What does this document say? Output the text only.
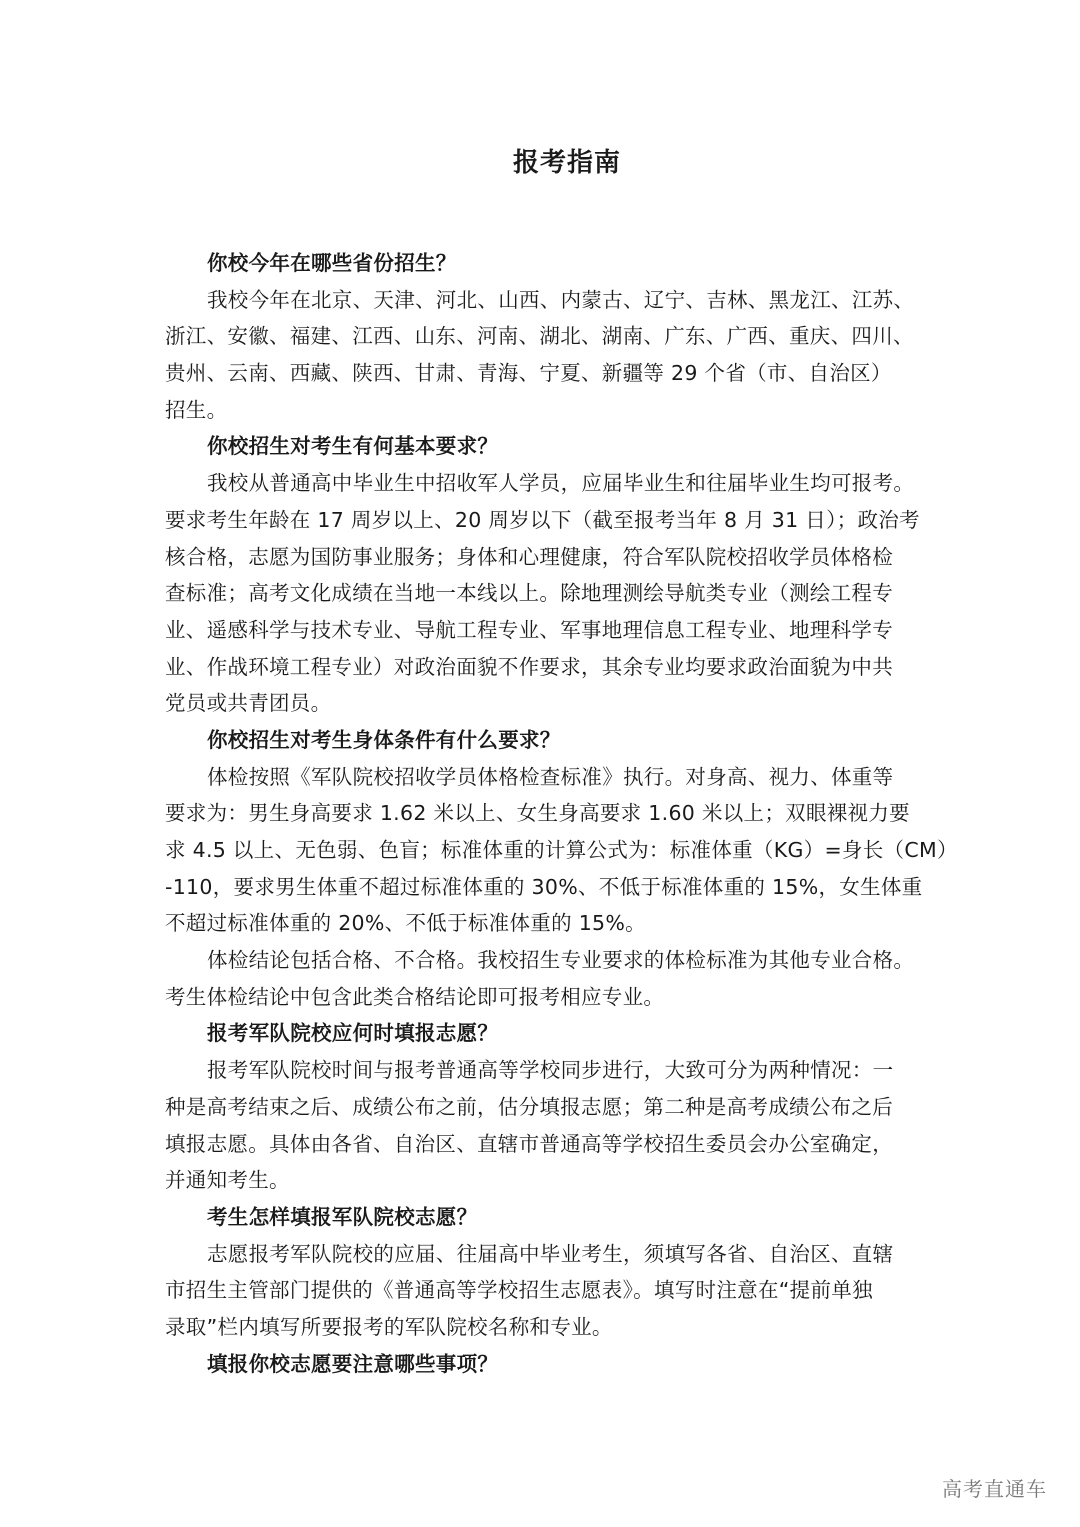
报考指南
你校今年在哪些省份招生？
我校今年在北京、天津、河北、山西、内蒙古、辽宁、吉林、黑龙江、江苏、
浙江、安徽、福建、江西、山东、河南、湖北、湖南、广东、广西、重庆、四川、
贵州、云南、西藏、陕西、甘肃、青海、宁夏、新疆等 29 个省（市、自治区）
招生。
你校招生对考生有何基本要求？
我校从普通高中毕业生中招收军人学员，应届毕业生和往届毕业生均可报考。
要求考生年龄在 17 周岁以上、20 周岁以下（截至报考当年 8 月 31 日）；政治考
核合格，志愿为国防事业服务；身体和心理健康，符合军队院校招收学员体格检
查标准；高考文化成绩在当地一本线以上。除地理测绘导航类专业（测绘工程专
业、遥感科学与技术专业、导航工程专业、军事地理信息工程专业、地理科学专
业、作战环境工程专业）对政治面貌不作要求，其余专业均要求政治面貌为中共
党员或共青团员。
你校招生对考生身体条件有什么要求？
体检按照《军队院校招收学员体格检查标准》执行。对身高、视力、体重等
要求为：男生身高要求 1.62 米以上、女生身高要求 1.60 米以上；双眼裸视力要
求 4.5 以上、无色弱、色盲；标准体重的计算公式为：标准体重（KG）=身长（CM）
-110，要求男生体重不超过标准体重的 30%、不低于标准体重的 15%，女生体重
不超过标准体重的 20%、不低于标准体重的 15%。
体检结论包括合格、不合格。我校招生专业要求的体检标准为其他专业合格。
考生体检结论中包含此类合格结论即可报考相应专业。
报考军队院校应何时填报志愿？
报考军队院校时间与报考普通高等学校同步进行，大致可分为两种情况：一
种是高考结束之后、成绩公布之前，估分填报志愿；第二种是高考成绩公布之后
填报志愿。具体由各省、自治区、直辖市普通高等学校招生委员会办公室确定，
并通知考生。
考生怎样填报军队院校志愿？
志愿报考军队院校的应届、往届高中毕业考生，须填写各省、自治区、直辖
市招生主管部门提供的《普通高等学校招生志愿表》。填写时注意在“提前单独
录取”栏内填写所要报考的军队院校名称和专业。
填报你校志愿要注意哪些事项？
高考直通车
